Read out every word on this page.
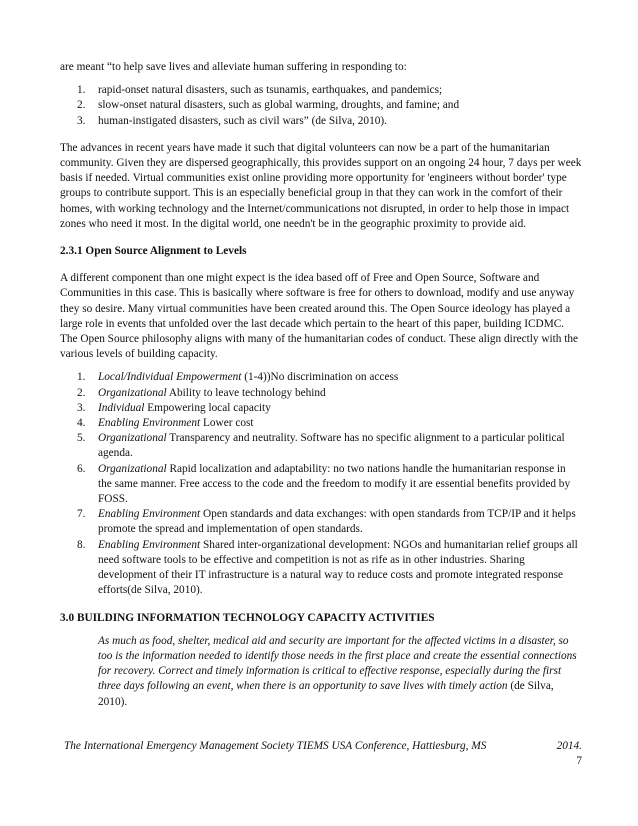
are meant “to help save lives and alleviate human suffering in responding to:

1. rapid-onset natural disasters, such as tsunamis, earthquakes, and pandemics;
2. slow-onset natural disasters, such as global warming, droughts, and famine; and
3. human-instigated disasters, such as civil wars” (de Silva, 2010).

The advances in recent years have made it such that digital volunteers can now be a part of the humanitarian community. Given they are dispersed geographically, this provides support on an ongoing 24 hour, 7 days per week basis if needed. Virtual communities exist online providing more opportunity for 'engineers without border' type groups to contribute support. This is an especially beneficial group in that they can work in the comfort of their homes, with working technology and the Internet/communications not disrupted, in order to help those in impact zones who need it most. In the digital world, one needn't be in the geographic proximity to provide aid.

2.3.1 Open Source Alignment to Levels

A different component than one might expect is the idea based off of Free and Open Source, Software and Communities in this case. This is basically where software is free for others to download, modify and use anyway they so desire. Many virtual communities have been created around this. The Open Source ideology has played a large role in events that unfolded over the last decade which pertain to the heart of this paper, building ICDMC. The Open Source philosophy aligns with many of the humanitarian codes of conduct. These align directly with the various levels of building capacity.

1. Local/Individual Empowerment (1-4))No discrimination on access
2. Organizational Ability to leave technology behind
3. Individual Empowering local capacity
4. Enabling Environment Lower cost
5. Organizational Transparency and neutrality. Software has no specific alignment to a particular political agenda.
6. Organizational Rapid localization and adaptability: no two nations handle the humanitarian response in the same manner. Free access to the code and the freedom to modify it are essential benefits provided by FOSS.
7. Enabling Environment Open standards and data exchanges: with open standards from TCP/IP and it helps promote the spread and implementation of open standards.
8. Enabling Environment Shared inter-organizational development: NGOs and humanitarian relief groups all need software tools to be effective and competition is not as rife as in other industries. Sharing development of their IT infrastructure is a natural way to reduce costs and promote integrated response efforts(de Silva, 2010).

3.0 BUILDING INFORMATION TECHNOLOGY CAPACITY ACTIVITIES

As much as food, shelter, medical aid and security are important for the affected victims in a disaster, so too is the information needed to identify those needs in the first place and create the essential connections for recovery. Correct and timely information is critical to effective response, especially during the first three days following an event, when there is an opportunity to save lives with timely action (de Silva, 2010).

The International Emergency Management Society TIEMS USA Conference, Hattiesburg, MS	2014.
7
